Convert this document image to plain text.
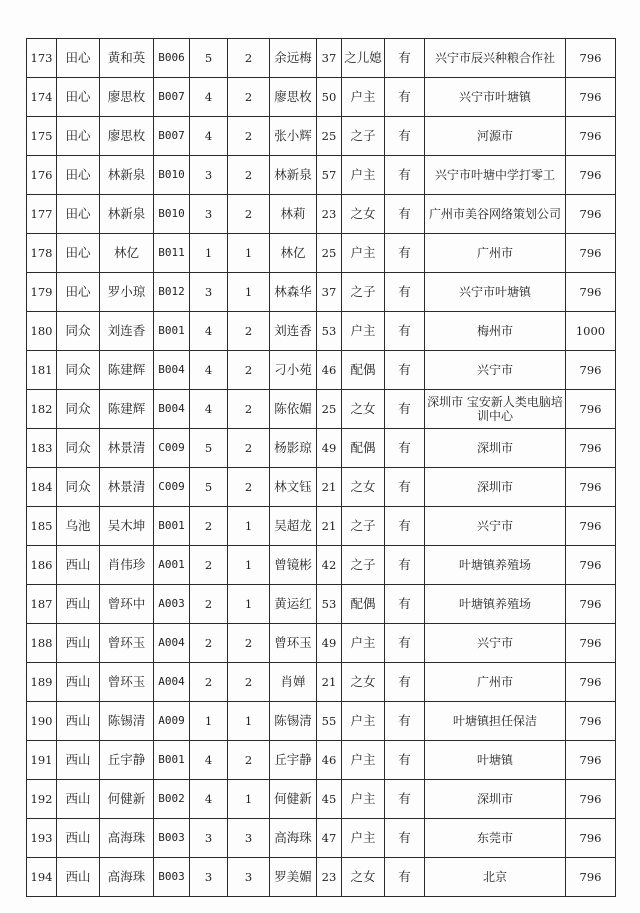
173	田心	黄和英	B006	5	2	余远梅	37	之儿媳	有	兴宁市辰兴种粮合作社	796
174	田心	廖思枚	B007	4	2	廖思枚	50	户主	有	兴宁市叶塘镇	796
175	田心	廖思枚	B007	4	2	张小辉	25	之子	有	河源市	796
176	田心	林新泉	B010	3	2	林新泉	57	户主	有	兴宁市叶塘中学打零工	796
177	田心	林新泉	B010	3	2	林莉	23	之女	有	广州市美谷网络策划公司	796
178	田心	林亿	B011	1	1	林亿	25	户主	有	广州市	796
179	田心	罗小琼	B012	3	1	林森华	37	之子	有	兴宁市叶塘镇	796
180	同众	刘连香	B001	4	2	刘连香	53	户主	有	梅州市	1000
181	同众	陈建辉	B004	4	2	刁小苑	46	配偶	有	兴宁市	796
182	同众	陈建辉	B004	4	2	陈依媚	25	之女	有	深圳市 宝安新人类电脑培训中心	796
183	同众	林景清	C009	5	2	杨影琼	49	配偶	有	深圳市	796
184	同众	林景清	C009	5	2	林文钰	21	之女	有	深圳市	796
185	乌池	吴木坤	B001	2	1	吴超龙	21	之子	有	兴宁市	796
186	西山	肖伟珍	A001	2	1	曾镜彬	42	之子	有	叶塘镇养殖场	796
187	西山	曾环中	A003	2	1	黄运红	53	配偶	有	叶塘镇养殖场	796
188	西山	曾环玉	A004	2	2	曾环玉	49	户主	有	兴宁市	796
189	西山	曾环玉	A004	2	2	肖婵	21	之女	有	广州市	796
190	西山	陈锡清	A009	1	1	陈锡清	55	户主	有	叶塘镇担任保洁	796
191	西山	丘宇静	B001	4	2	丘宇静	46	户主	有	叶塘镇	796
192	西山	何健新	B002	4	1	何健新	45	户主	有	深圳市	796
193	西山	高海珠	B003	3	3	高海珠	47	户主	有	东莞市	796
194	西山	高海珠	B003	3	3	罗美媚	23	之女	有	北京	796
